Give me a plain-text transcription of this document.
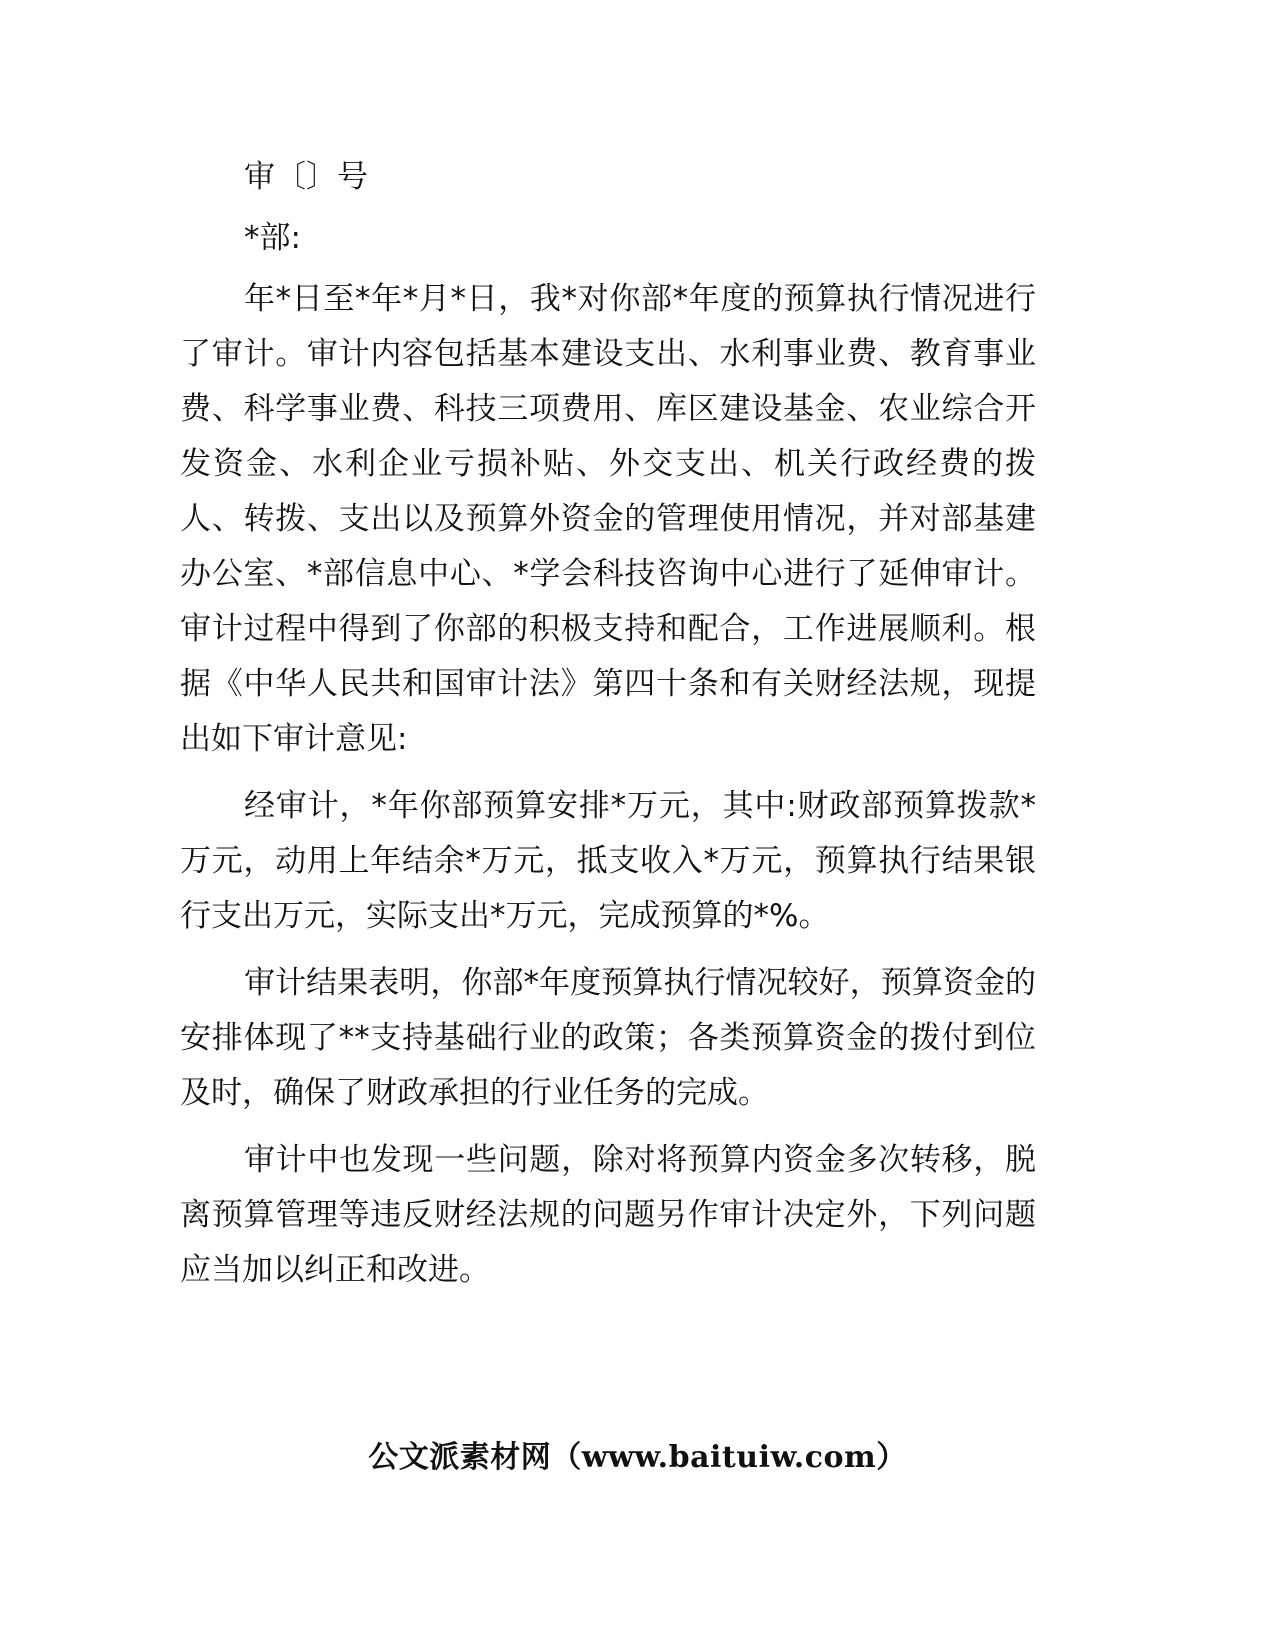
审〔〕号
*部:

年*日至*年*月*日，我*对你部*年度的预算执行情况进行了审计。审计内容包括基本建设支出、水利事业费、教育事业费、科学事业费、科技三项费用、库区建设基金、农业综合开发资金、水利企业亏损补贴、外交支出、机关行政经费的拨人、转拨、支出以及预算外资金的管理使用情况，并对部基建办公室、*部信息中心、*学会科技咨询中心进行了延伸审计。审计过程中得到了你部的积极支持和配合，工作进展顺利。根据《中华人民共和国审计法》第四十条和有关财经法规，现提出如下审计意见:

经审计，*年你部预算安排*万元，其中:财政部预算拨款*万元，动用上年结余*万元，抵支收入*万元，预算执行结果银行支出万元，实际支出*万元，完成预算的*%。

审计结果表明，你部*年度预算执行情况较好，预算资金的安排体现了**支持基础行业的政策；各类预算资金的拨付到位及时，确保了财政承担的行业任务的完成。

审计中也发现一些问题，除对将预算内资金多次转移，脱离预算管理等违反财经法规的问题另作审计决定外，下列问题应当加以纠正和改进。

公文派素材网（www.baituiw.com）
